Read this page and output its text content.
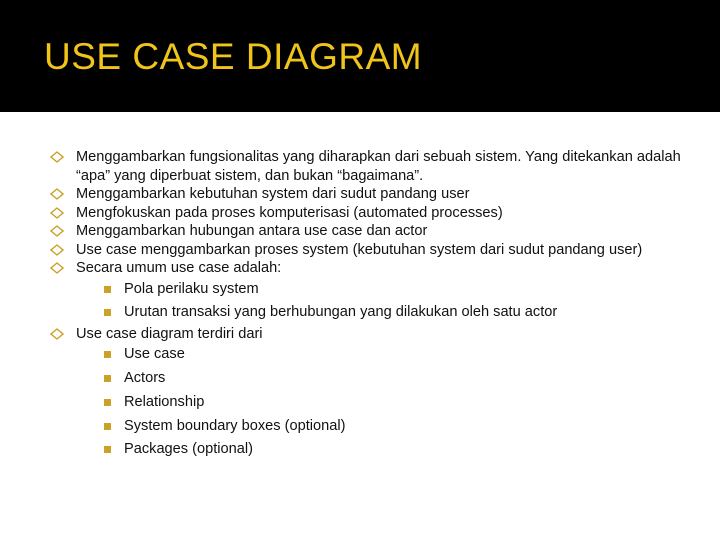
USE CASE DIAGRAM
Menggambarkan fungsionalitas yang diharapkan dari sebuah sistem. Yang ditekankan adalah “apa” yang diperbuat sistem, dan bukan “bagaimana”.
Menggambarkan kebutuhan system dari sudut pandang user
Mengfokuskan pada proses komputerisasi (automated processes)
Menggambarkan hubungan antara use case dan actor
Use case menggambarkan proses system (kebutuhan system dari sudut pandang user)
Secara umum use case adalah:
Pola perilaku system
Urutan transaksi yang berhubungan yang dilakukan oleh satu actor
Use case diagram terdiri dari
Use case
Actors
Relationship
System boundary boxes (optional)
Packages (optional)
